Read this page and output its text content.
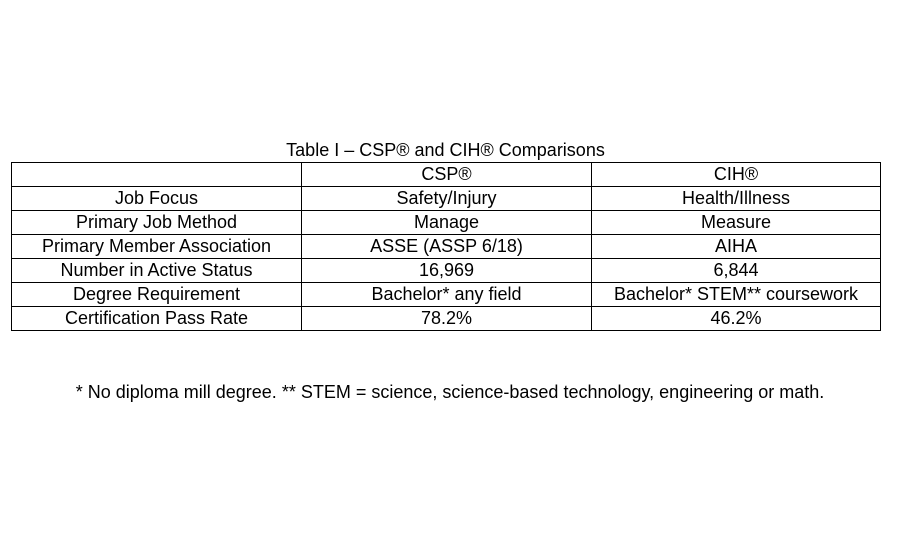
Table I – CSP® and CIH® Comparisons
	CSP®	CIH®
Job Focus	Safety/Injury	Health/Illness
Primary Job Method	Manage	Measure
Primary Member Association	ASSE (ASSP 6/18)	AIHA
Number in Active Status	16,969	6,844
Degree Requirement	Bachelor* any field	Bachelor* STEM** coursework
Certification Pass Rate	78.2%	46.2%
* No diploma mill degree. ** STEM = science, science-based technology, engineering or math.
